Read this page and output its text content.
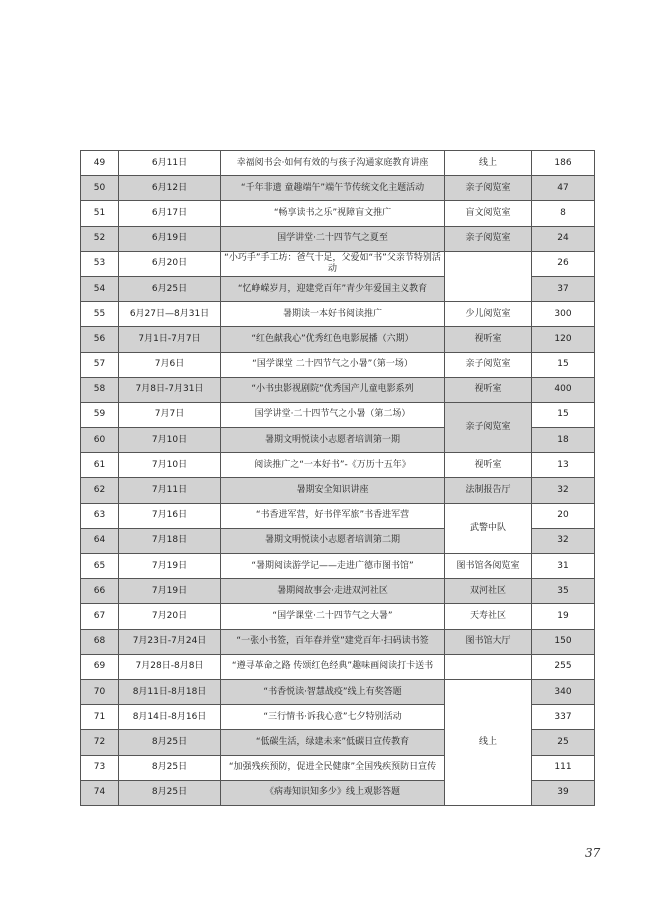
49	6月11日	幸福阅书会·如何有效的与孩子沟通家庭教育讲座	线上	186
50	6月12日	“千年非遗 童趣端午”端午节传统文化主题活动	亲子阅览室	47
51	6月17日	“畅享读书之乐”视障盲文推广	盲文阅览室	8
52	6月19日	国学讲堂·二十四节气之夏至	亲子阅览室	24
53	6月20日	“小巧手”手工坊：爸气十足，父爱如“书”父亲节特别活动		26
54	6月25日	“忆峥嵘岁月，迎建党百年”青少年爱国主义教育		37
55	6月27日—8月31日	暑期读一本好书阅读推广	少儿阅览室	300
56	7月1日-7月7日	“红色献我心”优秀红色电影展播（六期）	视听室	120
57	7月6日	“国学课堂 二十四节气之小暑”（第一场）	亲子阅览室	15
58	7月8日-7月31日	“小书虫影视剧院”优秀国产儿童电影系列	视听室	400
59	7月7日	国学讲堂·二十四节气之小暑（第二场）	亲子阅览室	15
60	7月10日	暑期文明悦读小志愿者培训第一期		18
61	7月10日	阅读推广之“一本好书”-《万历十五年》	视听室	13
62	7月11日	暑期安全知识讲座	法制报告厅	32
63	7月16日	“书香进军营，好书伴军旅”书香进军营	武警中队	20
64	7月18日	暑期文明悦读小志愿者培训第二期		32
65	7月19日	“暑期阅读游学记——走进广德市图书馆”	图书馆各阅览室	31
66	7月19日	暑期阅故事会·走进双河社区	双河社区	35
67	7月20日	“国学课堂·二十四节气之大暑”	天寿社区	19
68	7月23日-7月24日	“一张小书签，百年春并堂”建党百年·扫码读书签	图书馆大厅	150
69	7月28日-8月8日	“遵寻革命之路 传颂红色经典”趣味画阅读打卡送书		255
70	8月11日-8月18日	“书香悦读·智慧战疫”线上有奖答题	线上	340
71	8月14日-8月16日	“三行情书·诉我心意”七夕特别活动		337
72	8月25日	“低碳生活，绿建未来”低碳日宣传教育		25
73	8月25日	“加强残疾预防，促进全民健康”全国残疾预防日宣传		111
74	8月25日	《病毒知识知多少》线上观影答题		39
37
